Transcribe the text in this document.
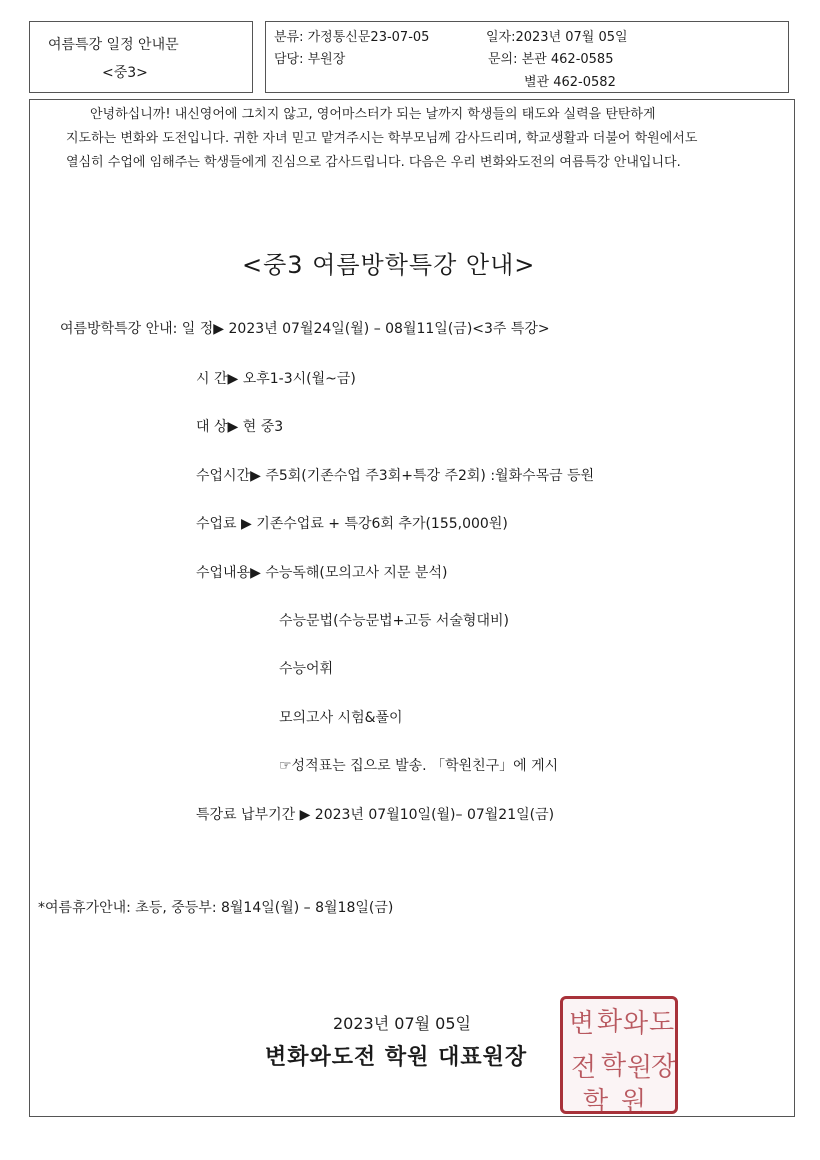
여름특강 일정 안내문
<중3>
분류: 가정통신문23-07-05	일자:2023년 07월 05일
담당: 부원장	문의: 본관 462-0585
별관 462-0582

안녕하십니까! 내신영어에 그치지 않고, 영어마스터가 되는 날까지 학생들의 태도와 실력을 탄탄하게

지도하는 변화와 도전입니다. 귀한 자녀 믿고 맡겨주시는 학부모님께 감사드리며, 학교생활과 더불어 학원에서도

열심히 수업에 임해주는 학생들에게 진심으로 감사드립니다. 다음은 우리 변화와도전의 여름특강 안내입니다.

<중3 여름방학특강 안내>
여름방학특강 안내: 일 정▶ 2023년 07월24일(월) – 08월11일(금)<3주 특강>
시 간▶ 오후1-3시(월~금)
대 상▶ 현 중3
수업시간▶ 주5회(기존수업 주3회+특강 주2회) :월화수목금 등원
수업료 ▶ 기존수업료 + 특강6회 추가(155,000원)
수업내용▶ 수능독해(모의고사 지문 분석)
수능문법(수능문법+고등 서술형대비)
수능어휘
모의고사 시험&풀이
☞성적표는 집으로 발송. 「학원친구」에 게시
특강료 납부기간 ▶ 2023년 07월10일(월)– 07월21일(금)
*여름휴가안내: 초등, 중등부: 8월14일(월) – 8월18일(금)
2023년 07월 05일
변화와도전 학원 대표원장
변 화 와 도
전 학 원
장
학 원
